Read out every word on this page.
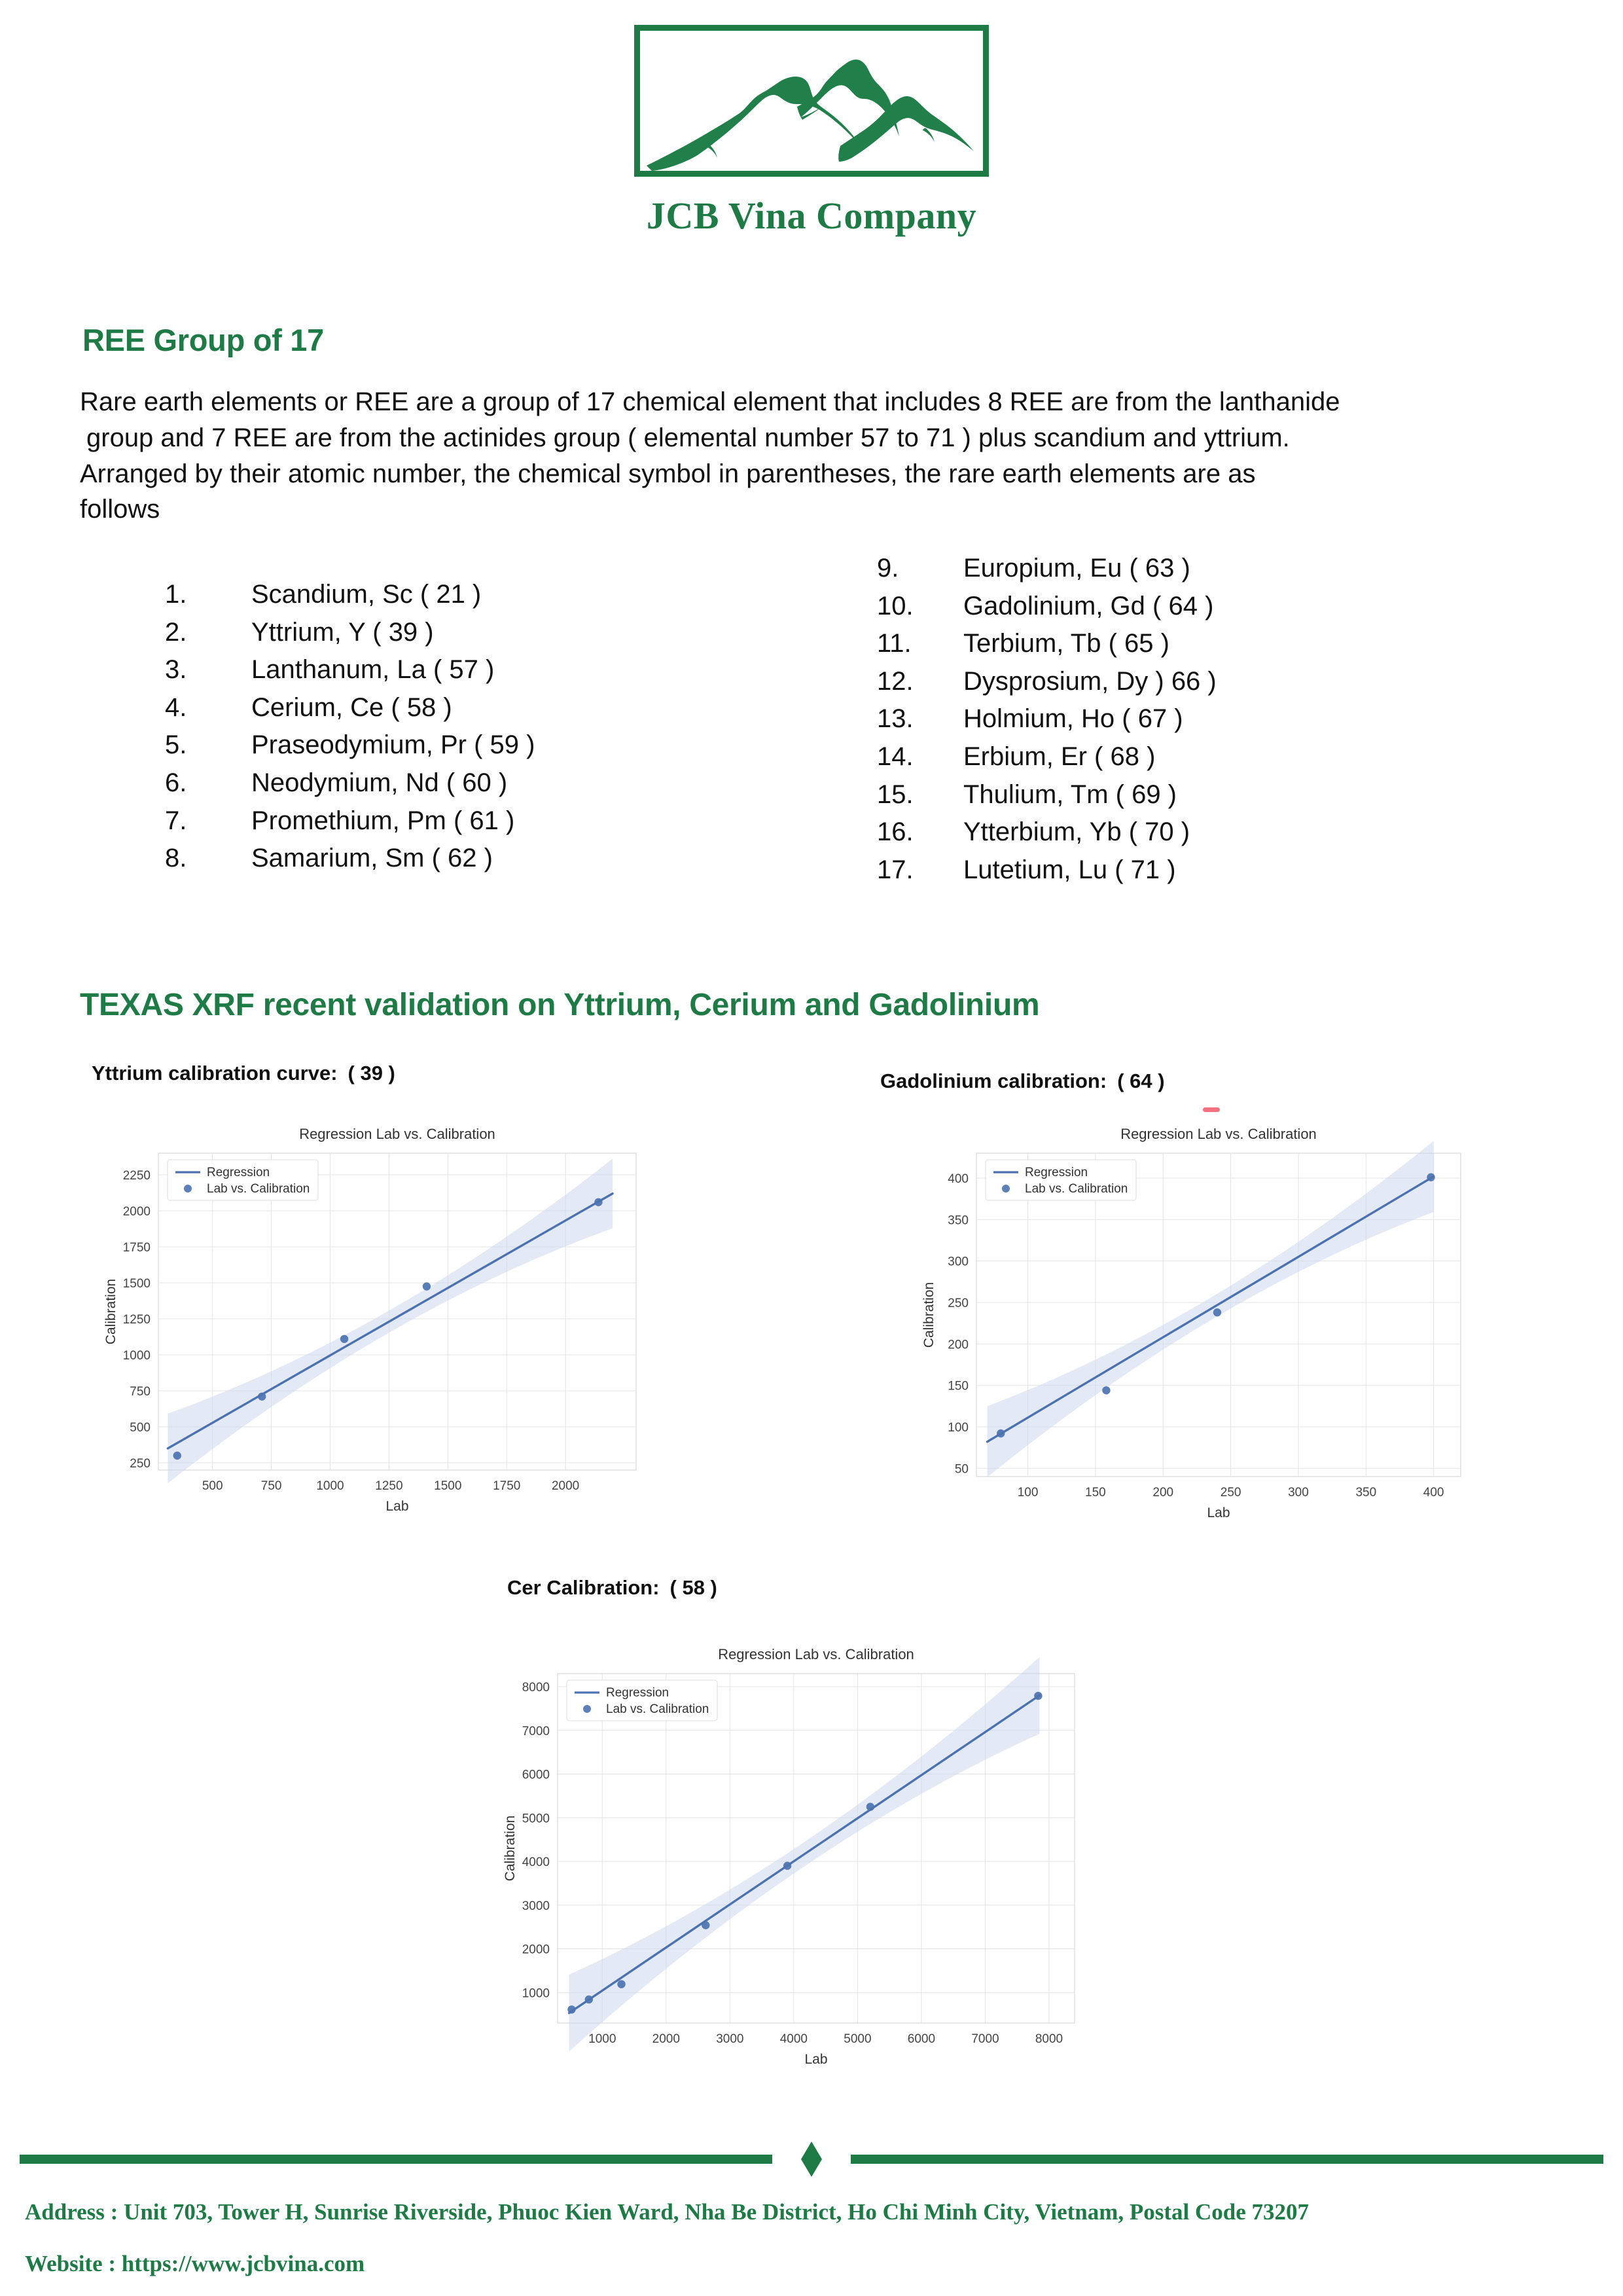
JCB Vina Company
REE Group of 17

Rare earth elements or REE are a group of 17 chemical element that includes 8 REE are from the lanthanide

group and 7 REE are from the actinides group ( elemental number 57 to 71 ) plus scandium and yttrium.

Arranged by their atomic number, the chemical symbol in parentheses, the rare earth elements are as

follows

1.	Scandium, Sc ( 21 )
2.	Yttrium, Y ( 39 )
3.	Lanthanum, La ( 57 )
4.	Cerium, Ce ( 58 )
5.	Praseodymium, Pr ( 59 )
6.	Neodymium, Nd ( 60 )
7.	Promethium, Pm ( 61 )
8.	Samarium, Sm ( 62 )
9.	Europium, Eu ( 63 )
10.	Gadolinium, Gd ( 64 )
11.	Terbium, Tb ( 65 )
12.	Dysprosium, Dy ) 66 )
13.	Holmium, Ho ( 67 )
14.	Erbium, Er ( 68 )
15.	Thulium, Tm ( 69 )
16.	Ytterbium, Yb ( 70 )
17.	Lutetium, Lu ( 71 )
TEXAS XRF recent validation on Yttrium, Cerium and Gadolinium
Yttrium calibration curve: ( 39 )	Gadolinium calibration: ( 64 )
Cer Calibration: ( 58 )
Regression Lab vs. Calibration
500	750	1000	1250	1500	1750	2000
250
500
750
1000
1250
1500
1750
2000
2250
Lab
Calibration
Regression
Lab vs. Calibration
Regression Lab vs. Calibration
100	150	200	250	300	350	400
50
100
150
200
250
300
350
400
Lab
Calibration
Regression
Lab vs. Calibration
Regression Lab vs. Calibration
1000	2000	3000	4000	5000	6000	7000	8000
1000
2000
3000
4000
5000
6000
7000
8000
Lab
Calibration
Regression
Lab vs. Calibration
Address : Unit 703, Tower H, Sunrise Riverside, Phuoc Kien Ward, Nha Be District, Ho Chi Minh City, Vietnam, Postal Code 73207
Website : https://www.jcbvina.com
